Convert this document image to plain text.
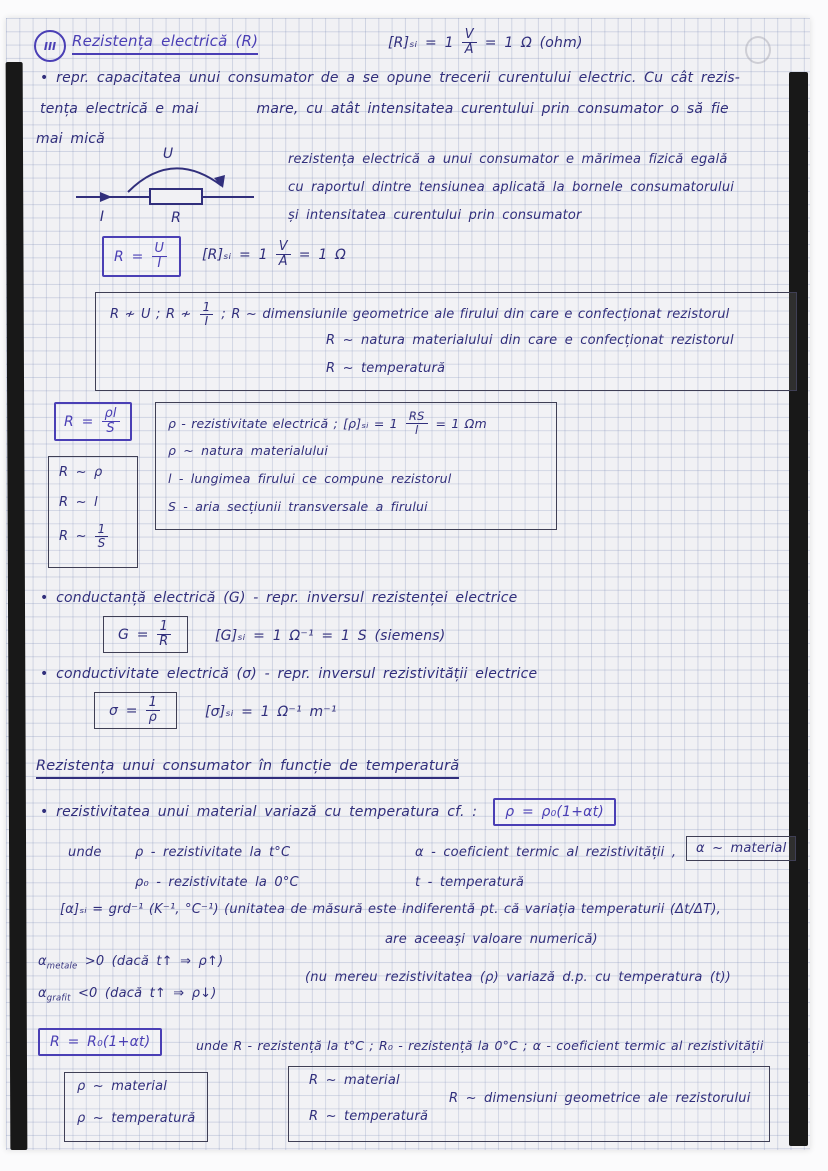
III Rezistența electrică (R)	[R]ₛᵢ = $1 \frac{V}{A} = 1$ Ω (ohm)
• repr. capacitatea unui consumator de a se opune trecerii curentului electric. Cu cât rezis-
tența electrică e mai	mare, cu atât intensitatea curentului prin consumator o să fie
mai mică
U
I	R
rezistența electrică a unui consumator e mărimea fizică egală
cu raportul dintre tensiunea aplicată la bornele consumatorului
și intensitatea curentului prin consumator
$R = \frac{U}{I}$ [R]ₛᵢ = $1 \frac{V}{A} = 1$ Ω
R ≁ U ; R ≁ $\frac{1}{I}$ ; R ~ dimensiunile geometrice ale firului din care e confecționat rezistorul
R ~ natura materialului din care e confecționat rezistorul
R ~ temperatură
$R = \frac{\rho l}{S}$
R ~ ρ
R ~ l
R ~ $\frac{1}{S}$
ρ - rezistivitate electrică ; [ρ]ₛᵢ = $1 \frac{RS}{l} = 1$ Ωm
ρ ~ natura materialului
l - lungimea firului ce compune rezistorul
S - aria secțiunii transversale a firului
• conductanță electrică (G) - repr. inversul rezistenței electrice
$G = \frac{1}{R}$	[G]ₛᵢ = 1 Ω⁻¹ = 1 S (siemens)
• conductivitate electrică (σ) - repr. inversul rezistivității electrice
$\sigma = \frac{1}{\rho}$	[σ]ₛᵢ = 1 Ω⁻¹ m⁻¹
Rezistența unui consumator în funcție de temperatură
• rezistivitatea unui material variază cu temperatura cf. :	ρ = ρ₀(1+αt)
unde	ρ - rezistivitate la t°C	α - coeficient termic al rezistivității ,	α ~ material
ρ₀ - rezistivitate la 0°C	t - temperatură
[α]ₛᵢ = grd⁻¹ (K⁻¹, °C⁻¹) (unitatea de măsură este indiferentă pt. că variația temperaturii (Δt/ΔT),
are aceeași valoare numerică)
$\alpha_{metale} >0$ (dacă t↑ ⇒ ρ↑)
$\alpha_{grafit} <0$ (dacă t↑ ⇒ ρ↓)
(nu mereu rezistivitatea (ρ) variază d.p. cu temperatura (t))
R = R₀(1+αt)	unde R - rezistență la t°C ; R₀ - rezistență la 0°C ; α - coeficient termic al rezistivității
ρ ~ material
ρ ~ temperatură
R ~ material
R ~ temperatură
R ~ dimensiuni geometrice ale rezistorului
